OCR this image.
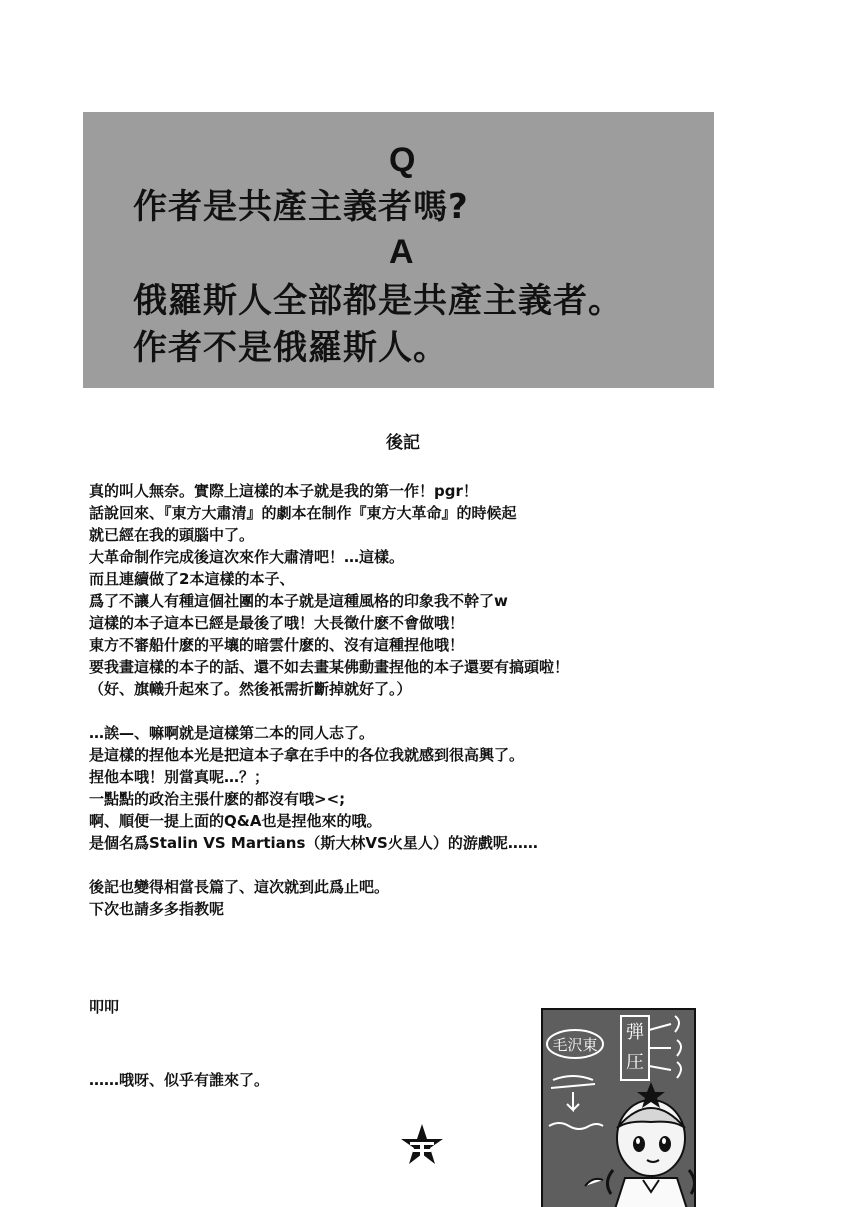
Q
作者是共產主義者嗎?
A
俄羅斯人全部都是共產主義者。
作者不是俄羅斯人。
後記
真的叫人無奈。實際上這樣的本子就是我的第一作！pgr！
話說回來、『東方大肅清』的劇本在制作『東方大革命』的時候起
就已經在我的頭腦中了。
大革命制作完成後這次來作大肅清吧！…這樣。
而且連續做了2本這樣的本子、
爲了不讓人有種這個社團的本子就是這種風格的印象我不幹了w
這樣的本子這本已經是最後了哦！大長徵什麽不會做哦！
東方不審船什麽的平壤的暗雲什麽的、沒有這種捏他哦！
要我畫這樣的本子的話、還不如去畫某佛動畫捏他的本子還要有搞頭啦！
（好、旗幟升起來了。然後衹需折斷掉就好了。）
…誒—、嘛啊就是這樣第二本的同人志了。
是這樣的捏他本光是把這本子拿在手中的各位我就感到很高興了。
捏他本哦！別當真呢…？；
一點點的政治主張什麽的都沒有哦><;
啊、順便一提上面的Q&A也是捏他來的哦。
是個名爲Stalin VS Martians（斯大林VS火星人）的游戲呢……
後記也變得相當長篇了、這次就到此爲止吧。
下次也請多多指教呢
叩叩
……哦呀、似乎有誰來了。
毛沢東
弾
圧
